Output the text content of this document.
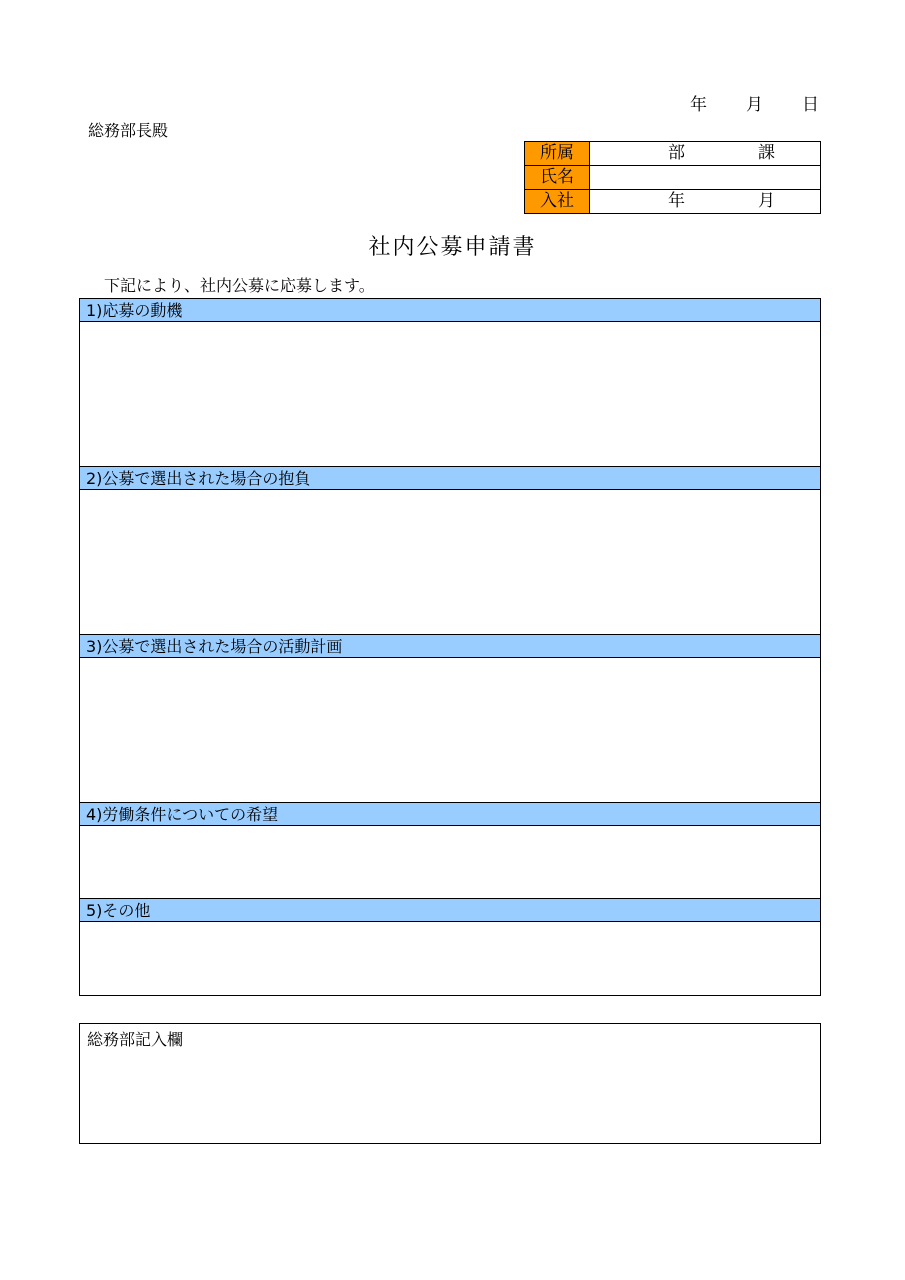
年 月 日
総務部長殿
所属	部 課

氏名	

入社	年 月
社内公募申請書
下記により、社内公募に応募します。
1)応募の動機
2)公募で選出された場合の抱負
3)公募で選出された場合の活動計画
4)労働条件についての希望
5)その他
総務部記入欄
